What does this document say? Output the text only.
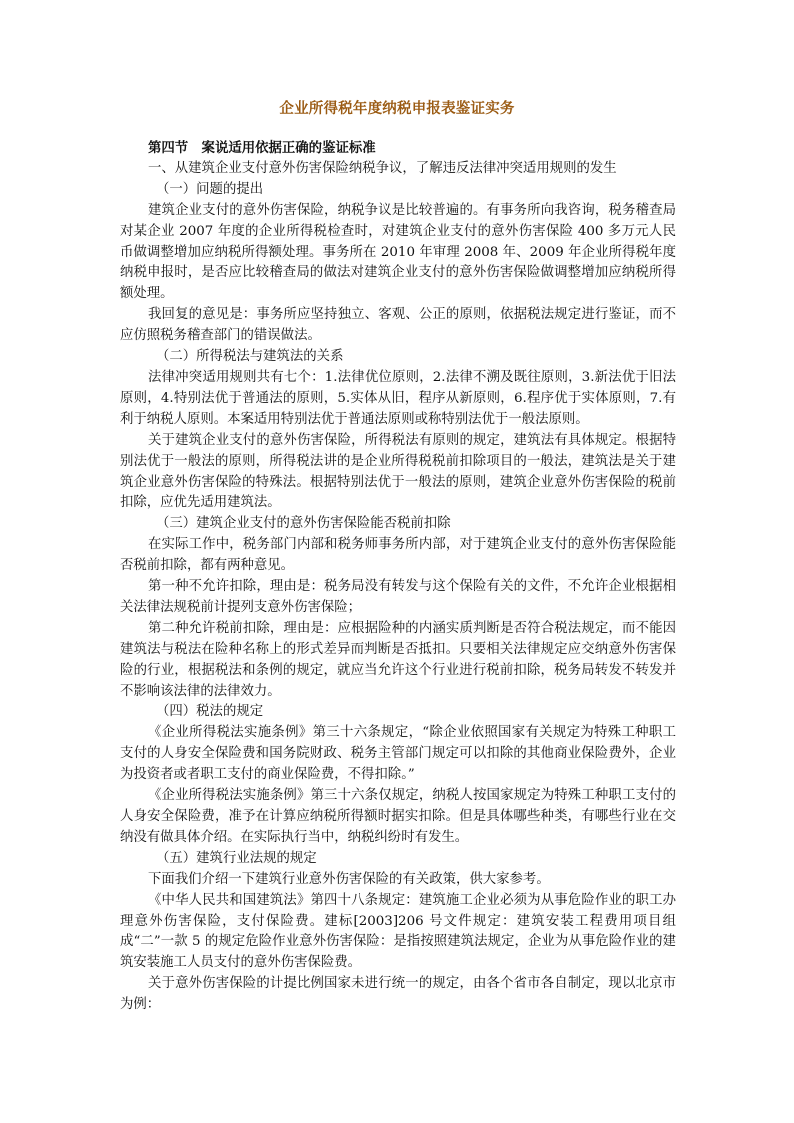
企业所得税年度纳税申报表鉴证实务

第四节　案说适用依据正确的鉴证标准

一、从建筑企业支付意外伤害保险纳税争议，了解违反法律冲突适用规则的发生

（一）问题的提出

建筑企业支付的意外伤害保险，纳税争议是比较普遍的。有事务所向我咨询，税务稽查局对某企业 2007 年度的企业所得税检查时，对建筑企业支付的意外伤害保险 400 多万元人民币做调整增加应纳税所得额处理。事务所在 2010 年审理 2008 年、2009 年企业所得税年度纳税申报时，是否应比较稽查局的做法对建筑企业支付的意外伤害保险做调整增加应纳税所得额处理。

我回复的意见是：事务所应坚持独立、客观、公正的原则，依据税法规定进行鉴证，而不应仿照税务稽查部门的错误做法。

（二）所得税法与建筑法的关系

法律冲突适用规则共有七个：1.法律优位原则，2.法律不溯及既往原则，3.新法优于旧法原则，4.特别法优于普通法的原则，5.实体从旧，程序从新原则，6.程序优于实体原则，7.有利于纳税人原则。本案适用特别法优于普通法原则或称特别法优于一般法原则。

关于建筑企业支付的意外伤害保险，所得税法有原则的规定，建筑法有具体规定。根据特别法优于一般法的原则，所得税法讲的是企业所得税税前扣除项目的一般法，建筑法是关于建筑企业意外伤害保险的特殊法。根据特别法优于一般法的原则，建筑企业意外伤害保险的税前扣除，应优先适用建筑法。

（三）建筑企业支付的意外伤害保险能否税前扣除

在实际工作中，税务部门内部和税务师事务所内部，对于建筑企业支付的意外伤害保险能否税前扣除，都有两种意见。

第一种不允许扣除，理由是：税务局没有转发与这个保险有关的文件，不允许企业根据相关法律法规税前计提列支意外伤害保险；

第二种允许税前扣除，理由是：应根据险种的内涵实质判断是否符合税法规定，而不能因建筑法与税法在险种名称上的形式差异而判断是否抵扣。只要相关法律规定应交纳意外伤害保险的行业，根据税法和条例的规定，就应当允许这个行业进行税前扣除，税务局转发不转发并不影响该法律的法律效力。

（四）税法的规定

《企业所得税法实施条例》第三十六条规定，“除企业依照国家有关规定为特殊工种职工支付的人身安全保险费和国务院财政、税务主管部门规定可以扣除的其他商业保险费外，企业为投资者或者职工支付的商业保险费，不得扣除。”

《企业所得税法实施条例》第三十六条仅规定，纳税人按国家规定为特殊工种职工支付的人身安全保险费，准予在计算应纳税所得额时据实扣除。但是具体哪些种类，有哪些行业在交纳没有做具体介绍。在实际执行当中，纳税纠纷时有发生。

（五）建筑行业法规的规定

下面我们介绍一下建筑行业意外伤害保险的有关政策，供大家参考。

《中华人民共和国建筑法》第四十八条规定：建筑施工企业必须为从事危险作业的职工办理意外伤害保险，支付保险费。建标[2003]206 号文件规定：建筑安装工程费用项目组成“二”一款 5 的规定危险作业意外伤害保险：是指按照建筑法规定，企业为从事危险作业的建筑安装施工人员支付的意外伤害保险费。

关于意外伤害保险的计提比例国家未进行统一的规定，由各个省市各自制定，现以北京市为例：
